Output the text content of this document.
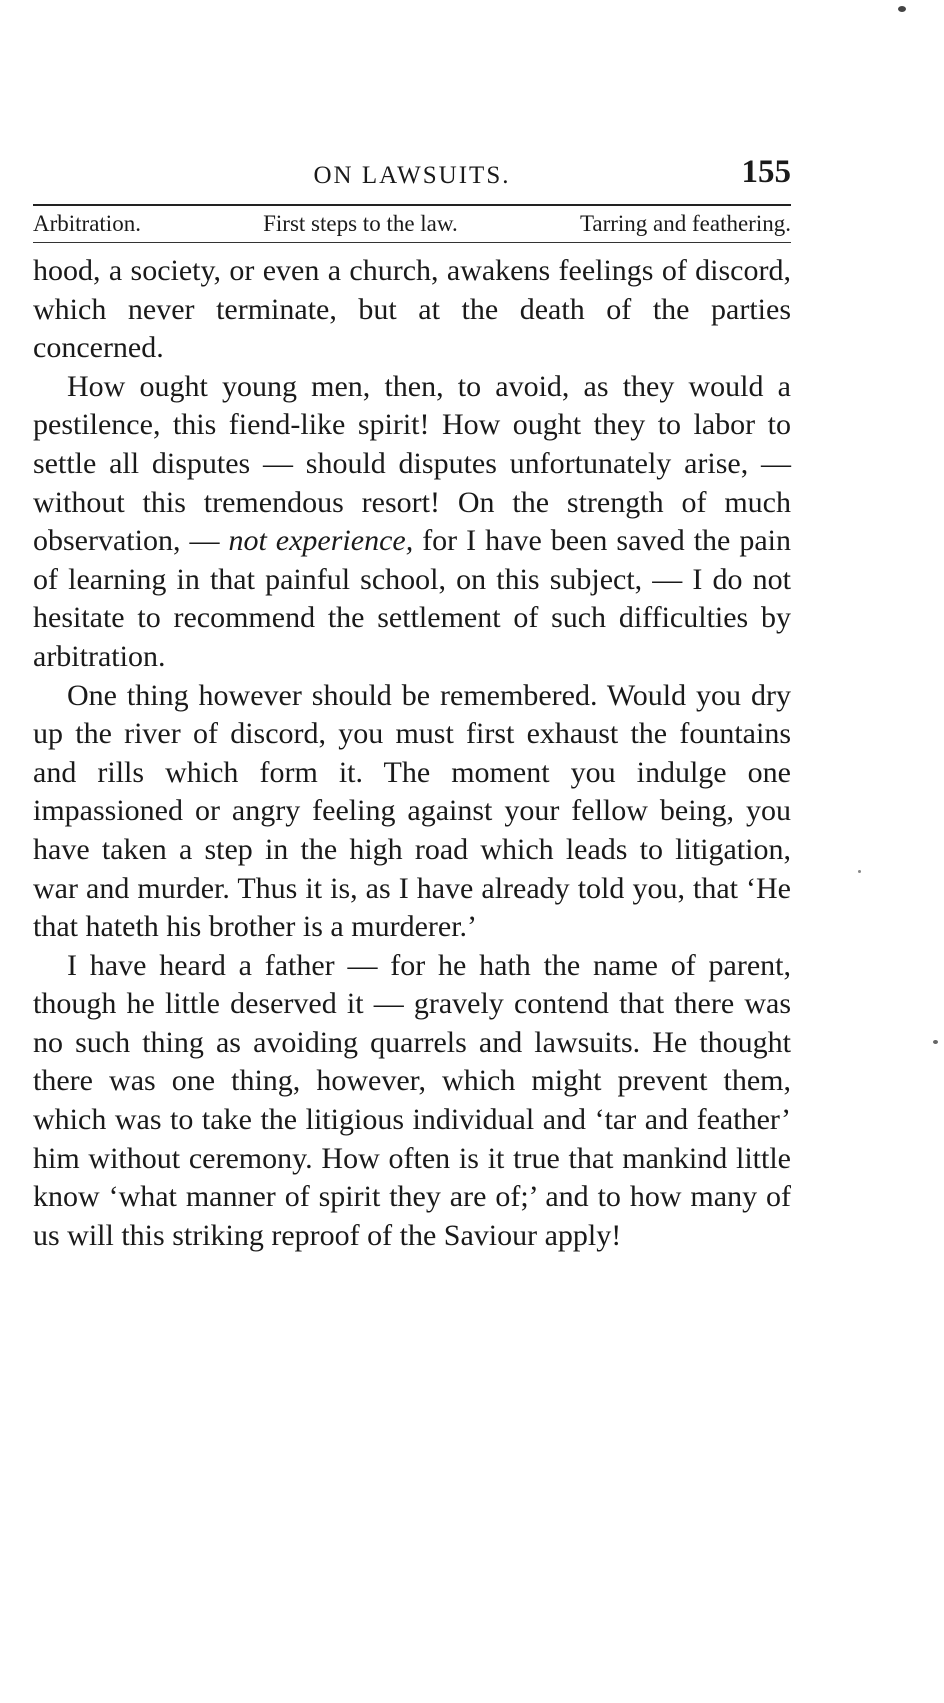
ON LAWSUITS.	155
Arbitration.	First steps to the law.	Tarring and feathering.

hood, a society, or even a church, awakens feelings of discord, which never terminate, but at the death of the parties concerned.

How ought young men, then, to avoid, as they would a pestilence, this fiend-like spirit! How ought they to labor to settle all disputes — should disputes unfortunately arise, — without this tremendous resort! On the strength of much observation, — not experience, for I have been saved the pain of learning in that painful school, on this subject, — I do not hesitate to recommend the settlement of such difficulties by arbitration.

One thing however should be remembered. Would you dry up the river of discord, you must first exhaust the fountains and rills which form it. The moment you indulge one impassioned or angry feeling against your fellow being, you have taken a step in the high road which leads to litigation, war and murder. Thus it is, as I have already told you, that ‘He that hateth his brother is a murderer.’

I have heard a father — for he hath the name of parent, though he little deserved it — gravely contend that there was no such thing as avoiding quarrels and lawsuits. He thought there was one thing, however, which might prevent them, which was to take the litigious individual and ‘tar and feather’ him without ceremony. How often is it true that mankind little know ‘what manner of spirit they are of;’ and to how many of us will this striking reproof of the Saviour apply!
